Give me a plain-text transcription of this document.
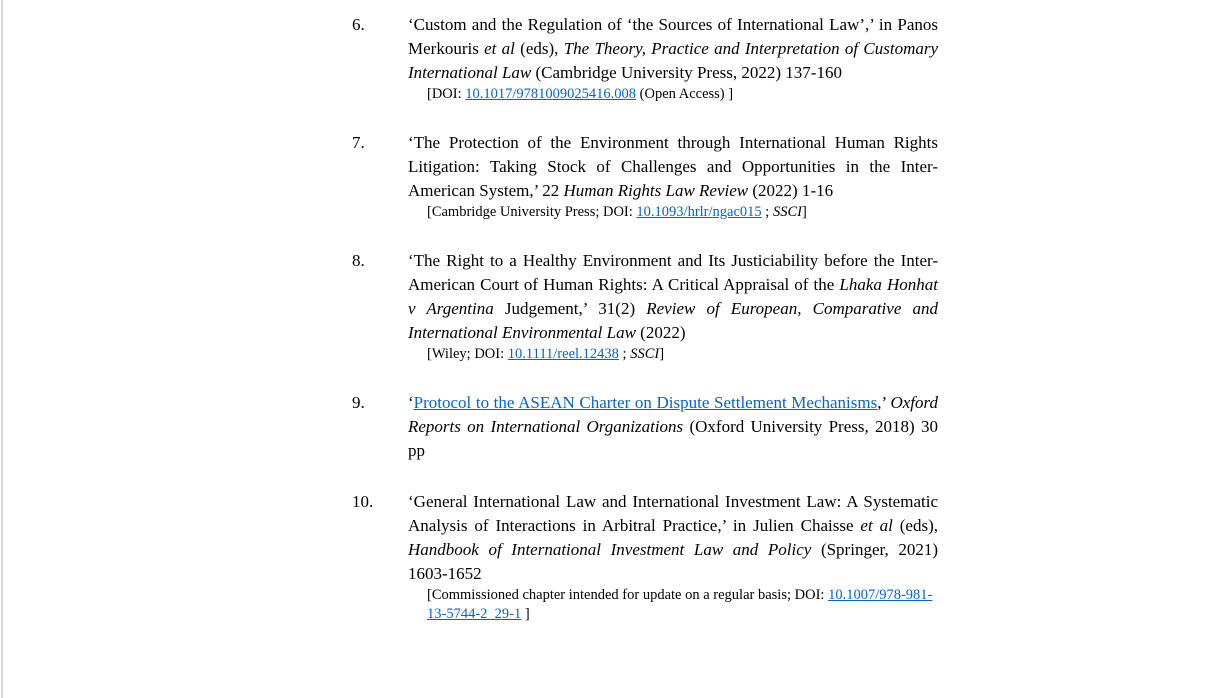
6.	‘Custom and the Regulation of ‘the Sources of International Law’,’ in Panos Merkouris et al (eds), The Theory, Practice and Interpretation of Customary International Law (Cambridge University Press, 2022) 137-160
[DOI: 10.1017/9781009025416.008 (Open Access) ]
7.	‘The Protection of the Environment through International Human Rights Litigation: Taking Stock of Challenges and Opportunities in the Inter-American System,’ 22 Human Rights Law Review (2022) 1-16
[Cambridge University Press; DOI: 10.1093/hrlr/ngac015 ; SSCI]
8.	‘The Right to a Healthy Environment and Its Justiciability before the Inter-American Court of Human Rights: A Critical Appraisal of the Lhaka Honhat v Argentina Judgement,’ 31(2) Review of European, Comparative and International Environmental Law (2022)
[Wiley; DOI: 10.1111/reel.12438 ; SSCI]
9.	‘Protocol to the ASEAN Charter on Dispute Settlement Mechanisms,’ Oxford Reports on International Organizations (Oxford University Press, 2018) 30 pp
10.	‘General International Law and International Investment Law: A Systematic Analysis of Interactions in Arbitral Practice,’ in Julien Chaisse et al (eds), Handbook of International Investment Law and Policy (Springer, 2021) 1603-1652
[Commissioned chapter intended for update on a regular basis; DOI: 10.1007/978-981-13-5744-2_29-1 ]
